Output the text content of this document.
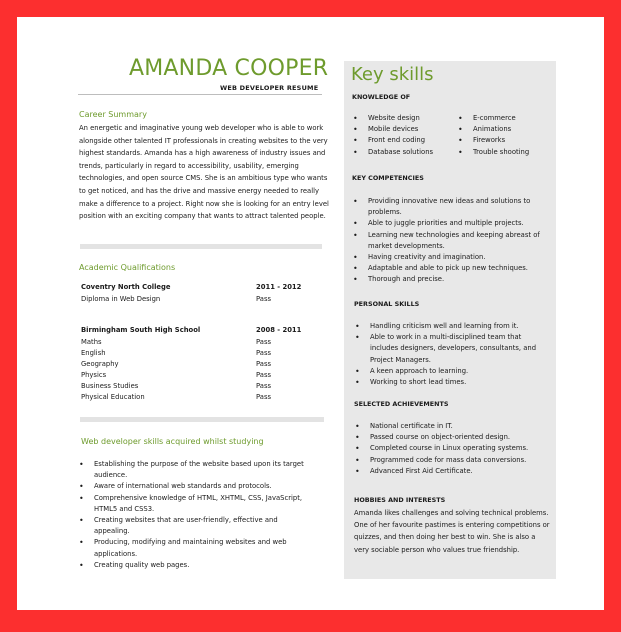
AMANDA COOPER
WEB DEVELOPER RESUME
Career Summary
An energetic and imaginative young web developer who is able to work alongside other talented IT professionals in creating websites to the very highest standards. Amanda has a high awareness of industry issues and trends, particularly in regard to accessibility, usability, emerging technologies, and open source CMS. She is an ambitious type who wants to get noticed, and has the drive and massive energy needed to really make a difference to a project. Right now she is looking for an entry level position with an exciting company that wants to attract talented people.
Academic Qualifications
Coventry North College	2011 - 2012
Diploma in Web Design	Pass
Birmingham South High School	2008 - 2011
Maths	Pass
English	Pass
Geography	Pass
Physics	Pass
Business Studies	Pass
Physical Education	Pass
Web developer skills acquired whilst studying
• Establishing the purpose of the website based upon its target audience.
• Aware of international web standards and protocols.
• Comprehensive knowledge of HTML, XHTML, CSS, JavaScript, HTML5 and CSS3.
• Creating websites that are user-friendly, effective and appealing.
• Producing, modifying and maintaining websites and web applications.
• Creating quality web pages.
Key skills
KNOWLEDGE OF
• Website design
• Mobile devices
• Front end coding
• Database solutions
• E-commerce
• Animations
• Fireworks
• Trouble shooting
KEY COMPETENCIES
• Providing innovative new ideas and solutions to problems.
• Able to juggle priorities and multiple projects.
• Learning new technologies and keeping abreast of market developments.
• Having creativity and imagination.
• Adaptable and able to pick up new techniques.
• Thorough and precise.
PERSONAL SKILLS
• Handling criticism well and learning from it.
• Able to work in a multi-disciplined team that includes designers, developers, consultants, and Project Managers.
• A keen approach to learning.
• Working to short lead times.
SELECTED ACHIEVEMENTS
• National certificate in IT.
• Passed course on object-oriented design.
• Completed course in Linux operating systems.
• Programmed code for mass data conversions.
• Advanced First Aid Certificate.
HOBBIES AND INTERESTS
Amanda likes challenges and solving technical problems. One of her favourite pastimes is entering competitions or quizzes, and then doing her best to win. She is also a very sociable person who values true friendship.
